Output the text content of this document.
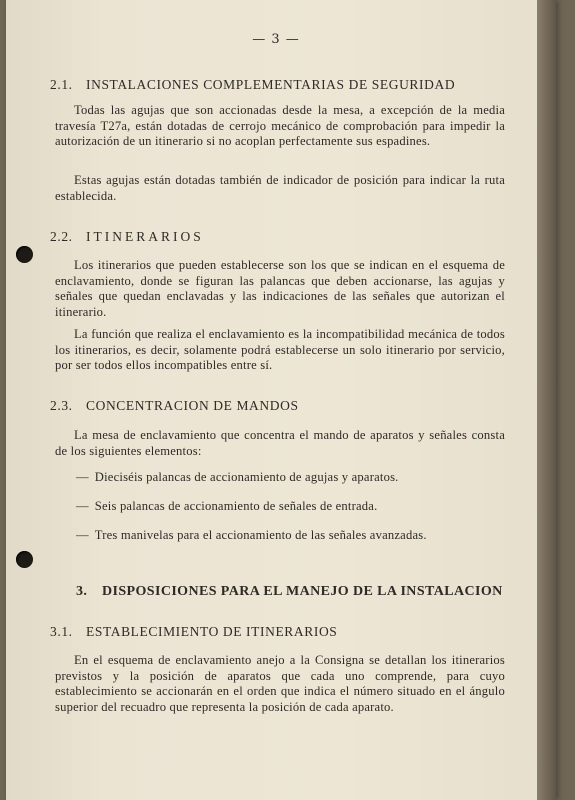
— 3 —
2.1. INSTALACIONES COMPLEMENTARIAS DE SEGURIDAD
Todas las agujas que son accionadas desde la mesa, a excepción de la media travesía T27a, están dotadas de cerrojo mecánico de comprobación para impedir la autorización de un itinerario si no acoplan perfectamente sus espadines.
Estas agujas están dotadas también de indicador de posición para indicar la ruta establecida.
2.2. ITINERARIOS
Los itinerarios que pueden establecerse son los que se indican en el esquema de enclavamiento, donde se figuran las palancas que deben accionarse, las agujas y señales que quedan enclavadas y las indicaciones de las señales que autorizan el itinerario.
La función que realiza el enclavamiento es la incompatibilidad mecánica de todos los itinerarios, es decir, solamente podrá establecerse un solo itinerario por servicio, por ser todos ellos incompatibles entre sí.
2.3. CONCENTRACION DE MANDOS
La mesa de enclavamiento que concentra el mando de aparatos y señales consta de los siguientes elementos:
— Dieciséis palancas de accionamiento de agujas y aparatos.
— Seis palancas de accionamiento de señales de entrada.
— Tres manivelas para el accionamiento de las señales avanzadas.
3. DISPOSICIONES PARA EL MANEJO DE LA INSTALACION
3.1. ESTABLECIMIENTO DE ITINERARIOS
En el esquema de enclavamiento anejo a la Consigna se detallan los itinerarios previstos y la posición de aparatos que cada uno comprende, para cuyo establecimiento se accionarán en el orden que indica el número situado en el ángulo superior del recuadro que representa la posición de cada aparato.
